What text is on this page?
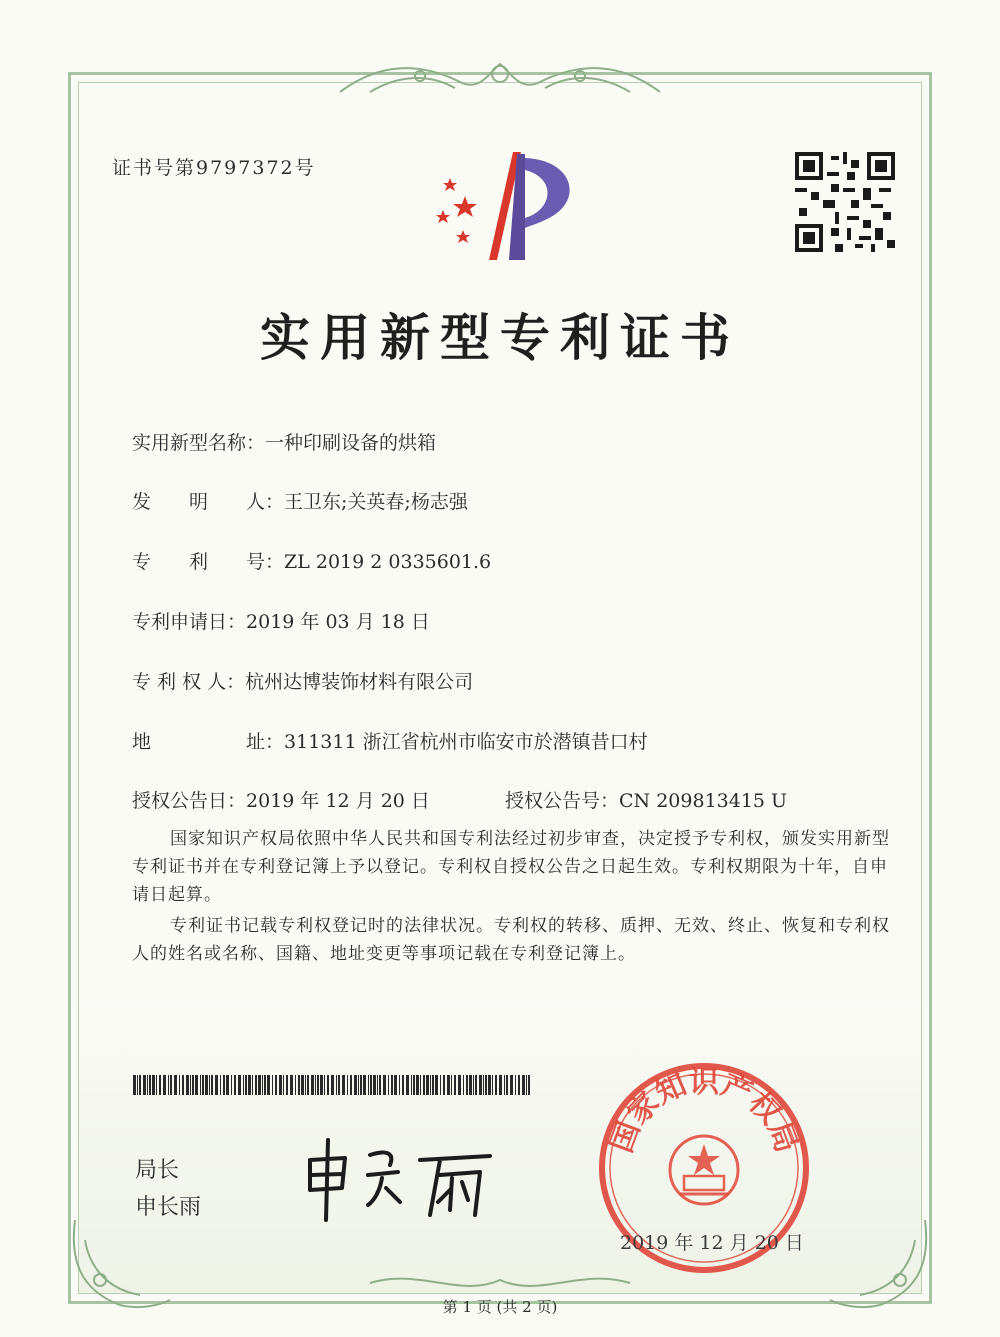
证书号第9797372号
实用新型专利证书
实用新型名称：一种印刷设备的烘箱
发　　明　　人：王卫东;关英春;杨志强
专　　利　　号：ZL 2019 2 0335601.6
专利申请日：2019 年 03 月 18 日
专 利 权 人：杭州达博装饰材料有限公司
地　　　　　址：311311 浙江省杭州市临安市於潜镇昔口村
授权公告日：2019 年 12 月 20 日	授权公告号：CN 209813415 U
国家知识产权局依照中华人民共和国专利法经过初步审查，决定授予专利权，颁发实用新型专利证书并在专利登记簿上予以登记。专利权自授权公告之日起生效。专利权期限为十年，自申请日起算。
专利证书记载专利权登记时的法律状况。专利权的转移、质押、无效、终止、恢复和专利权人的姓名或名称、国籍、地址变更等事项记载在专利登记簿上。
局长
申长雨
国家知识产权局
2019 年 12 月 20 日
第 1 页 (共 2 页)
